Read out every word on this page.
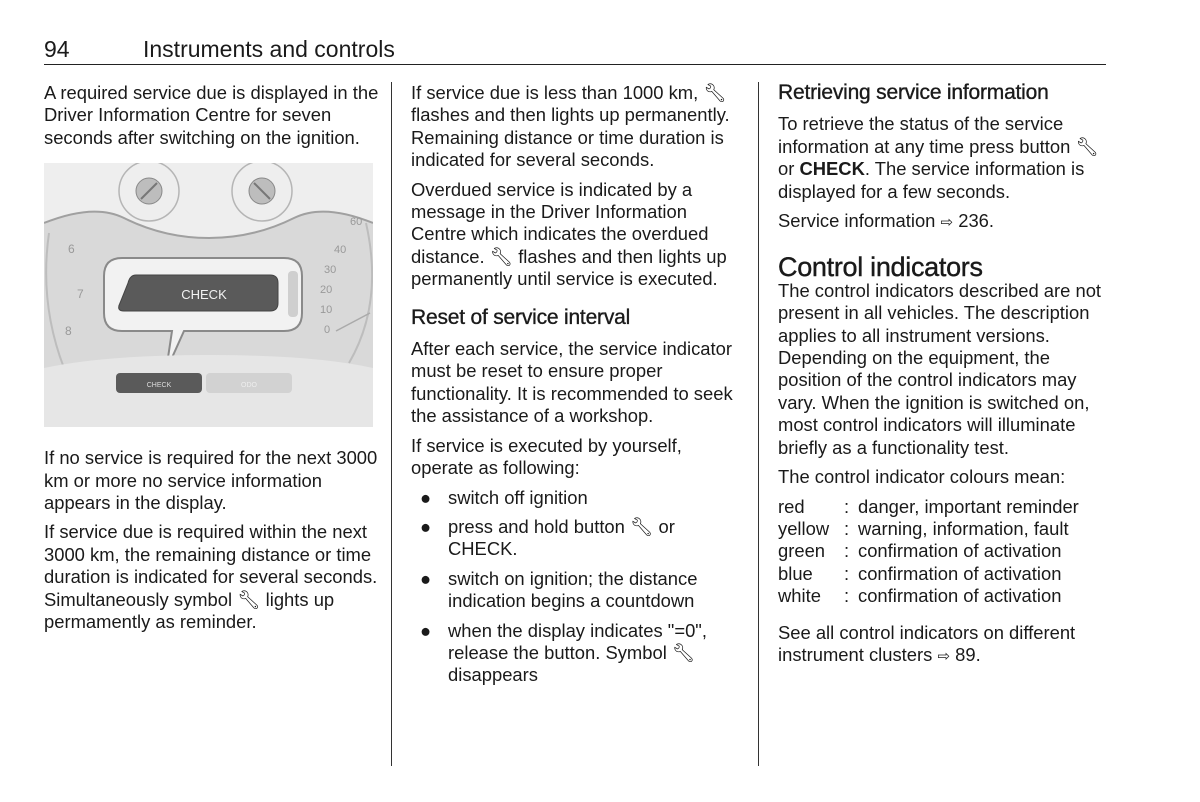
94	Instruments and controls

A required service due is displayed in the Driver Information Centre for seven seconds after switching on the ignition.

6
7
8
60
40
30
20
10
0
CHECK
CHECK	ODO

If no service is required for the next 3000 km or more no service information appears in the display.

If service due is required within the next 3000 km, the remaining distance or time duration is indicated for several seconds. Simultaneously symbol 🔧︎ lights up permamently as reminder.

If service due is less than 1000 km, 🔧︎ flashes and then lights up permanently. Remaining distance or time duration is indicated for several seconds.

Overdued service is indicated by a message in the Driver Information Centre which indicates the overdued distance. 🔧︎ flashes and then lights up permanently until service is executed.

Reset of service interval

After each service, the service indicator must be reset to ensure proper functionality. It is recommended to seek the assistance of a workshop.

If service is executed by yourself, operate as following:

● switch off ignition
● press and hold button 🔧︎ or CHECK.
● switch on ignition; the distance indication begins a countdown
● when the display indicates "=0", release the button. Symbol 🔧︎ disappears
Retrieving service information

To retrieve the status of the service information at any time press button 🔧︎ or CHECK. The service information is displayed for a few seconds.

Service information ⇨ 236.

Control indicators

The control indicators described are not present in all vehicles. The description applies to all instrument versions. Depending on the equipment, the position of the control indicators may vary. When the ignition is switched on, most control indicators will illuminate briefly as a functionality test.

The control indicator colours mean:

red	:	danger, important reminder
yellow	:	warning, information, fault
green	:	confirmation of activation
blue	:	confirmation of activation
white	:	confirmation of activation

See all control indicators on different instrument clusters ⇨ 89.
